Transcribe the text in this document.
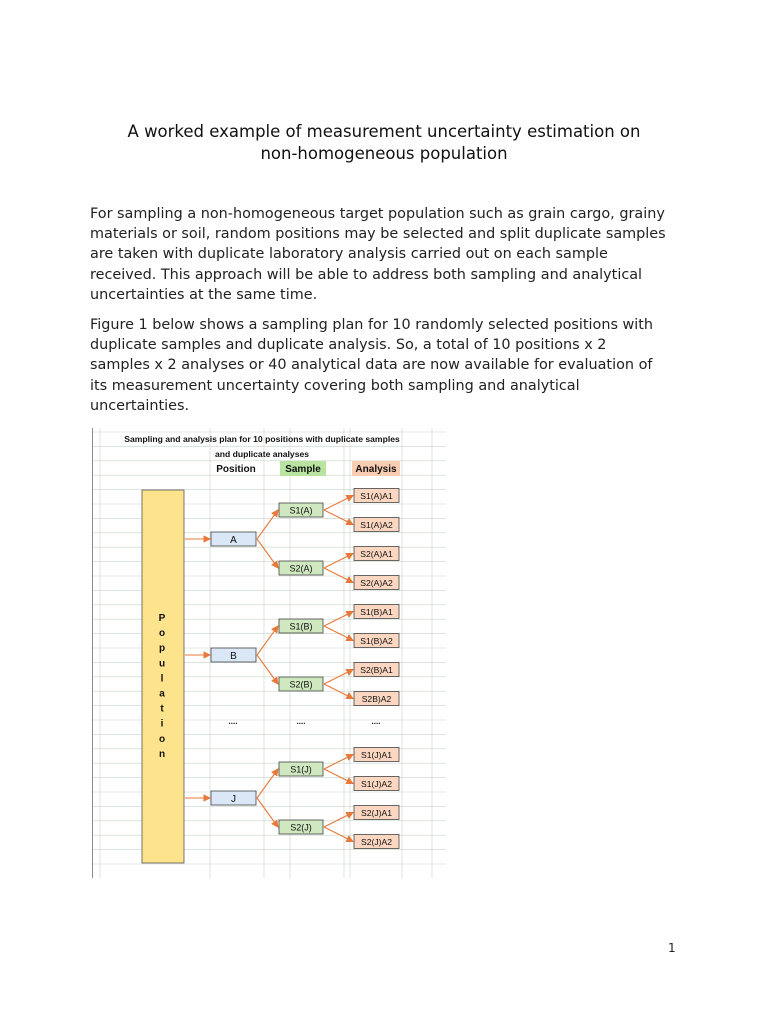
A worked example of measurement uncertainty estimation on
non-homogeneous population
For sampling a non-homogeneous target population such as grain cargo, grainy
materials or soil, random positions may be selected and split duplicate samples
are taken with duplicate laboratory analysis carried out on each sample
received. This approach will be able to address both sampling and analytical
uncertainties at the same time.
Figure 1 below shows a sampling plan for 10 randomly selected positions with
duplicate samples and duplicate analysis. So, a total of 10 positions x 2
samples x 2 analyses or 40 analytical data are now available for evaluation of
its measurement uncertainty covering both sampling and analytical
uncertainties.
Sampling and analysis plan for 10 positions with duplicate samples
and duplicate analyses
Position	Sample	Analysis
P
o
p
u
l
a
t
i
o
n
A
S1(A)
S1(A)A1
S1(A)A2
S2(A)
S2(A)A1
S2(A)A2
B
S1(B)
S1(B)A1
S1(B)A2
S2(B)
S2(B)A1
S2B)A2
J
S1(J)
S1(J)A1
S1(J)A2
S2(J)
S2(J)A1
S2(J)A2
....	....	....
1
